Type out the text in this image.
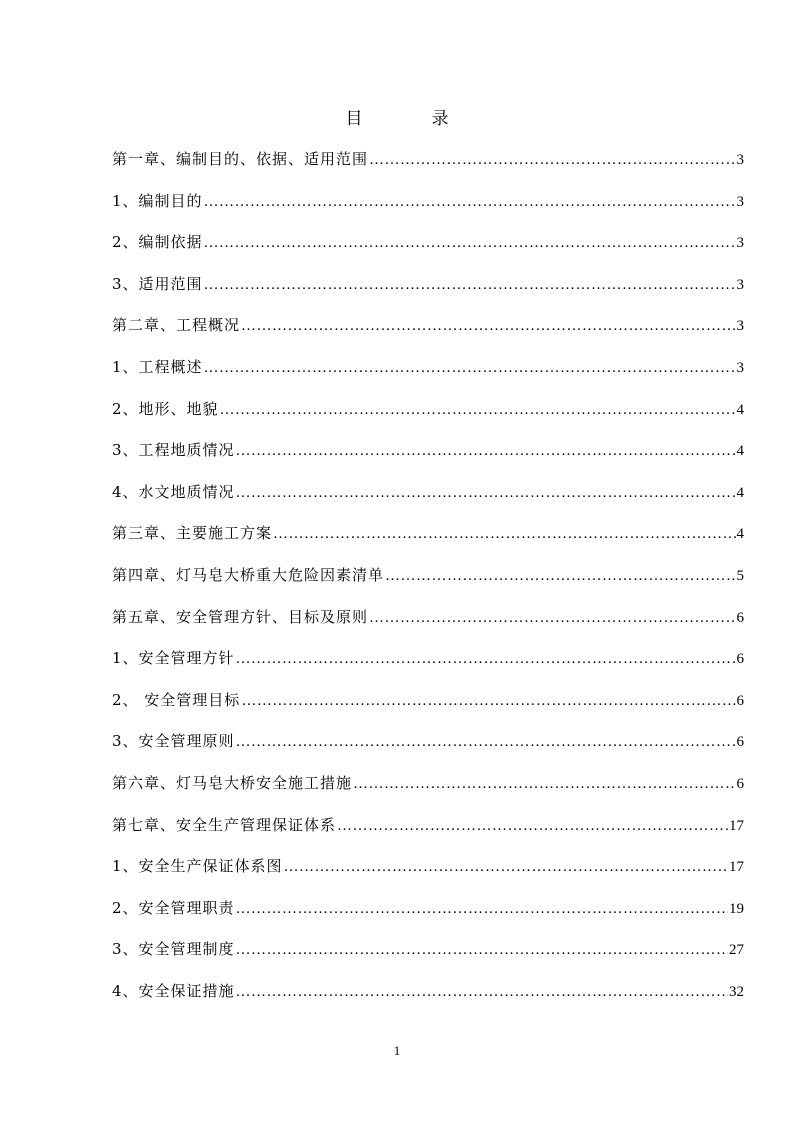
目　录
第一章、编制目的、依据、适用范围 ………………………………………………………………………………………………………………………………………………………………………………………………	3
1、编制目的 ………………………………………………………………………………………………………………………………………………………………………………………………	3
2、编制依据 ………………………………………………………………………………………………………………………………………………………………………………………………	3
3、适用范围 ………………………………………………………………………………………………………………………………………………………………………………………………	3
第二章、工程概况 ………………………………………………………………………………………………………………………………………………………………………………………………	3
1、工程概述 ………………………………………………………………………………………………………………………………………………………………………………………………	3
2、地形、地貌 ………………………………………………………………………………………………………………………………………………………………………………………………	4
3、工程地质情况 ………………………………………………………………………………………………………………………………………………………………………………………………	4
4、水文地质情况 ………………………………………………………………………………………………………………………………………………………………………………………………	4
第三章、主要施工方案 ………………………………………………………………………………………………………………………………………………………………………………………………	4
第四章、灯马皂大桥重大危险因素清单 ………………………………………………………………………………………………………………………………………………………………………………………………	5
第五章、安全管理方针、目标及原则 ………………………………………………………………………………………………………………………………………………………………………………………………	6
1、安全管理方针 ………………………………………………………………………………………………………………………………………………………………………………………………	6
2、 安全管理目标 ………………………………………………………………………………………………………………………………………………………………………………………………	6
3、安全管理原则 ………………………………………………………………………………………………………………………………………………………………………………………………	6
第六章、灯马皂大桥安全施工措施 ………………………………………………………………………………………………………………………………………………………………………………………………	6
第七章、安全生产管理保证体系 ………………………………………………………………………………………………………………………………………………………………………………………………	17
1、安全生产保证体系图 ………………………………………………………………………………………………………………………………………………………………………………………………	17
2、安全管理职责 ………………………………………………………………………………………………………………………………………………………………………………………………	19
3、安全管理制度 ………………………………………………………………………………………………………………………………………………………………………………………………	27
4、安全保证措施 ………………………………………………………………………………………………………………………………………………………………………………………………	32
1
